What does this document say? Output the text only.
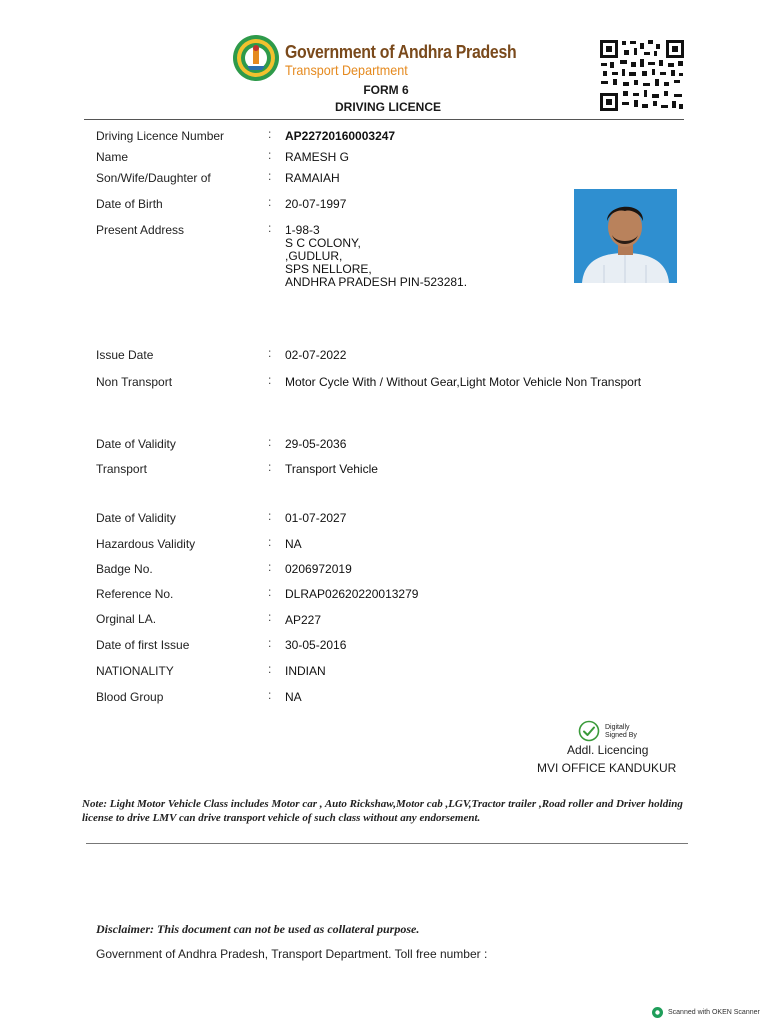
Government of Andhra Pradesh
Transport Department
FORM 6
DRIVING LICENCE
Driving Licence Number	: AP22720160003247
Name	: RAMESH G
Son/Wife/Daughter of	: RAMAIAH
Date of Birth	: 20-07-1997
Present Address	: 1-98-3
S C COLONY,
,GUDLUR,
SPS NELLORE,
ANDHRA PRADESH PIN-523281.
Issue Date	: 02-07-2022
Non Transport	: Motor Cycle With / Without Gear,Light Motor Vehicle Non Transport
Date of Validity	: 29-05-2036
Transport	: Transport Vehicle
Date of Validity	: 01-07-2027
Hazardous Validity	: NA
Badge No.	: 0206972019
Reference No.	: DLRAP02620220013279
Orginal LA.	: AP227
Date of first Issue	: 30-05-2016
NATIONALITY	: INDIAN
Blood Group	: NA
Digitally
Signed By
Addl. Licencing
MVI OFFICE KANDUKUR
Note: Light Motor Vehicle Class includes Motor car , Auto Rickshaw,Motor cab ,LGV,Tractor trailer ,Road roller and Driver holding license to drive LMV can drive transport vehicle of such class without any endorsement.
Disclaimer: This document can not be used as collateral purpose.
Government of Andhra Pradesh, Transport Department. Toll free number :
Scanned with OKEN Scanner
